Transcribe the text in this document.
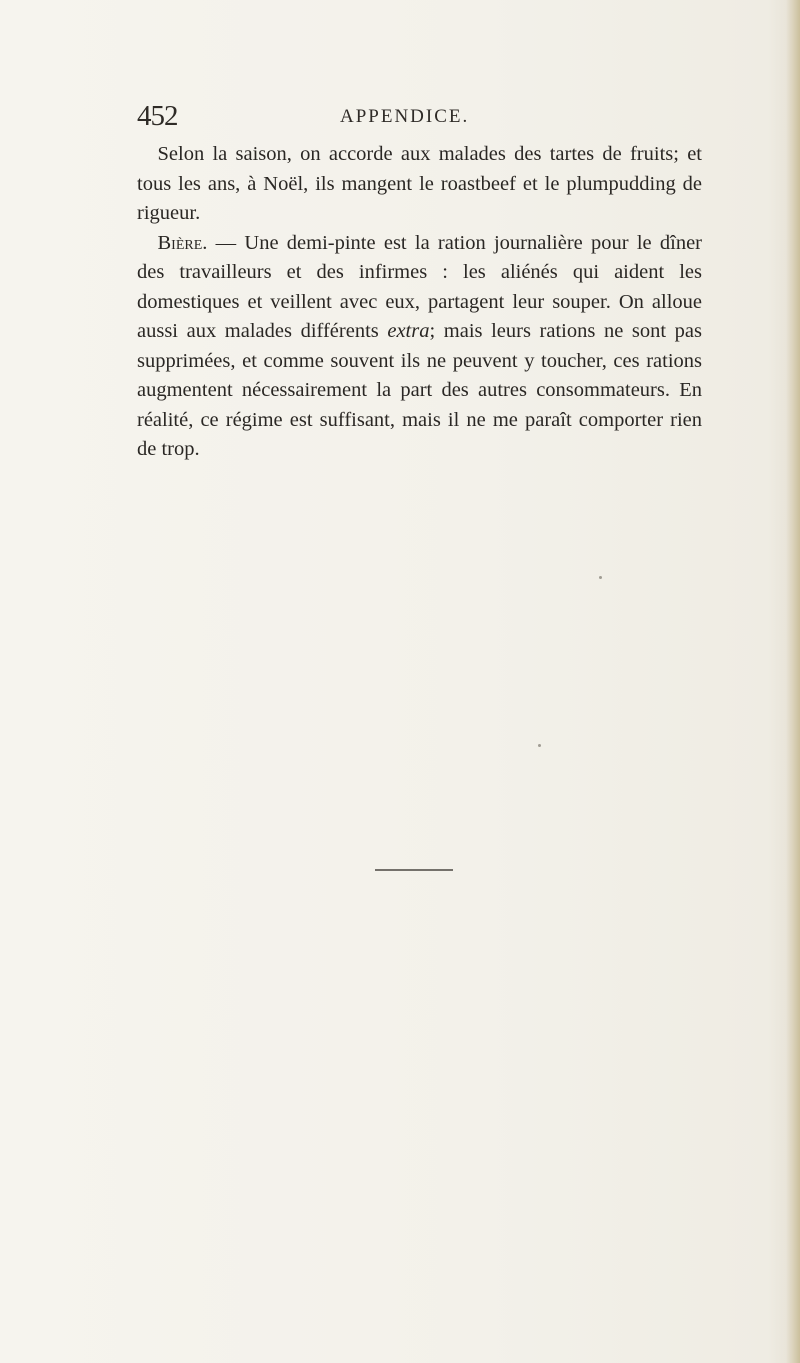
452	APPENDICE.

Selon la saison, on accorde aux malades des tartes de fruits; et tous les ans, à Noël, ils mangent le roastbeef et le plumpudding de rigueur.

Bière. — Une demi-pinte est la ration journalière pour le dîner des travailleurs et des infirmes : les aliénés qui aident les domestiques et veillent avec eux, partagent leur souper. On alloue aussi aux malades différents extra; mais leurs rations ne sont pas supprimées, et comme souvent ils ne peuvent y toucher, ces rations augmentent nécessairement la part des autres consommateurs. En réalité, ce régime est suffisant, mais il ne me paraît comporter rien de trop.
